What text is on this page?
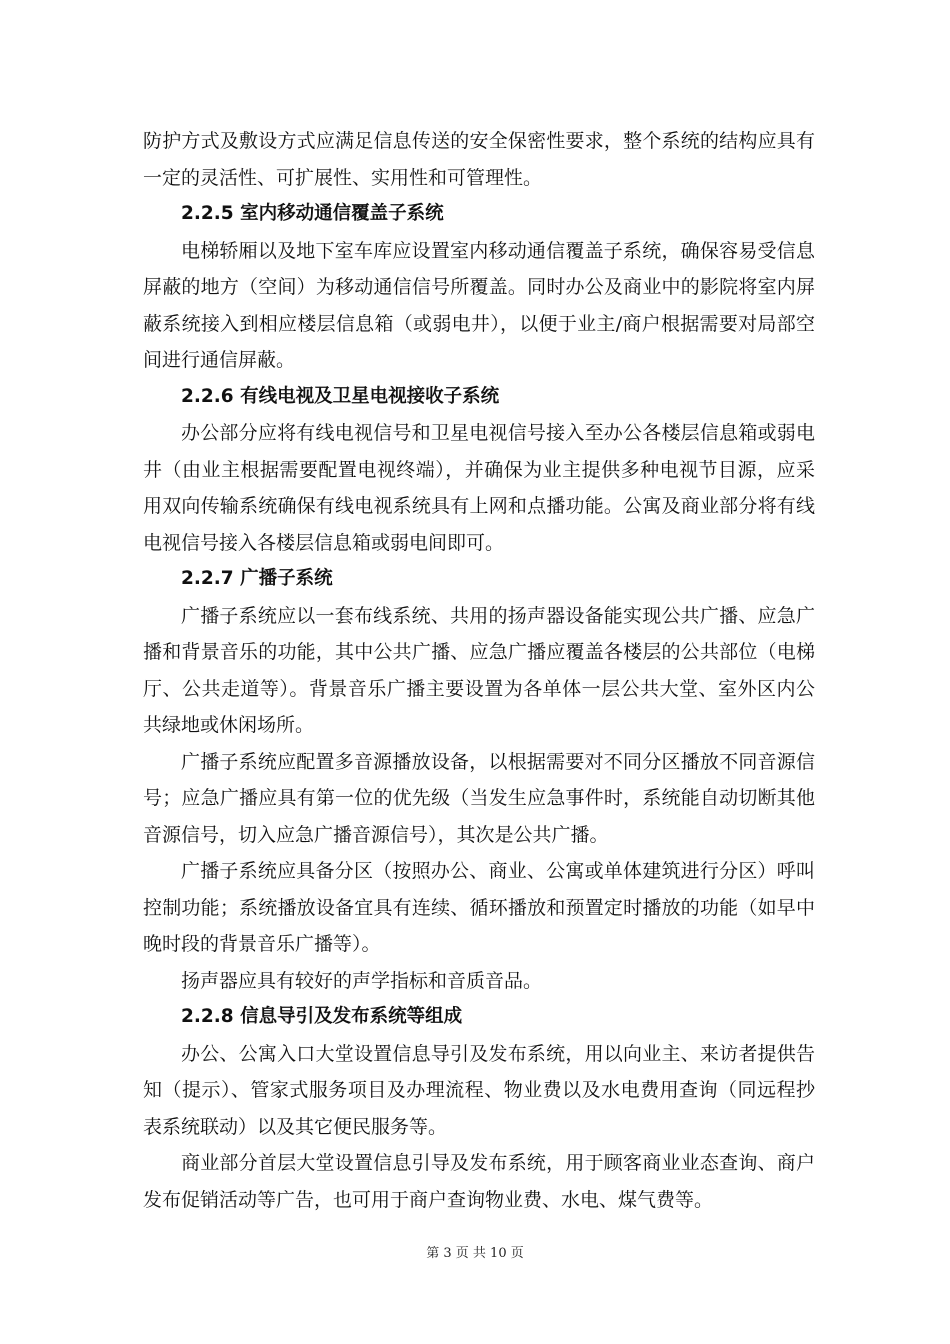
防护方式及敷设方式应满足信息传送的安全保密性要求，整个系统的结构应具有一定的灵活性、可扩展性、实用性和可管理性。

2.2.5 室内移动通信覆盖子系统

电梯轿厢以及地下室车库应设置室内移动通信覆盖子系统，确保容易受信息屏蔽的地方（空间）为移动通信信号所覆盖。同时办公及商业中的影院将室内屏蔽系统接入到相应楼层信息箱（或弱电井），以便于业主/商户根据需要对局部空间进行通信屏蔽。

2.2.6 有线电视及卫星电视接收子系统

办公部分应将有线电视信号和卫星电视信号接入至办公各楼层信息箱或弱电井（由业主根据需要配置电视终端），并确保为业主提供多种电视节目源，应采用双向传输系统确保有线电视系统具有上网和点播功能。公寓及商业部分将有线电视信号接入各楼层信息箱或弱电间即可。

2.2.7 广播子系统

广播子系统应以一套布线系统、共用的扬声器设备能实现公共广播、应急广播和背景音乐的功能，其中公共广播、应急广播应覆盖各楼层的公共部位（电梯厅、公共走道等）。背景音乐广播主要设置为各单体一层公共大堂、室外区内公共绿地或休闲场所。

广播子系统应配置多音源播放设备，以根据需要对不同分区播放不同音源信号；应急广播应具有第一位的优先级（当发生应急事件时，系统能自动切断其他音源信号，切入应急广播音源信号），其次是公共广播。

广播子系统应具备分区（按照办公、商业、公寓或单体建筑进行分区）呼叫控制功能；系统播放设备宜具有连续、循环播放和预置定时播放的功能（如早中晚时段的背景音乐广播等）。

扬声器应具有较好的声学指标和音质音品。

2.2.8 信息导引及发布系统等组成

办公、公寓入口大堂设置信息导引及发布系统，用以向业主、来访者提供告知（提示）、管家式服务项目及办理流程、物业费以及水电费用查询（同远程抄表系统联动）以及其它便民服务等。

商业部分首层大堂设置信息引导及发布系统，用于顾客商业业态查询、商户发布促销活动等广告，也可用于商户查询物业费、水电、煤气费等。

第 3 页 共 10 页
